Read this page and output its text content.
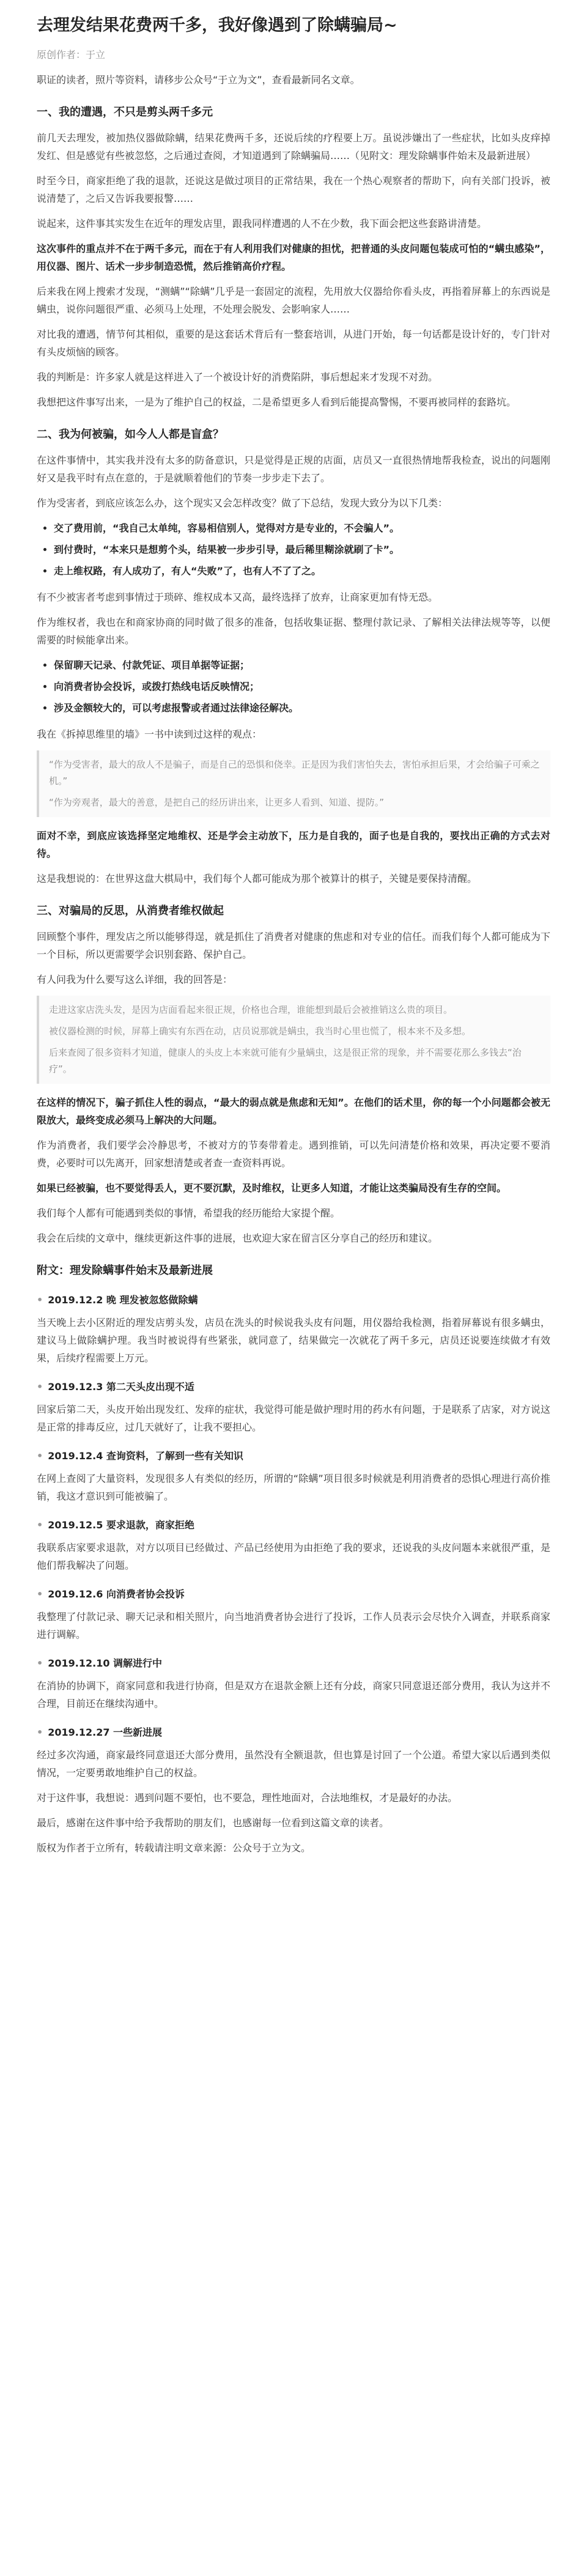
去理发结果花费两千多，我好像遇到了除螨骗局~
原创作者：于立
职证的读者，照片等资料，请移步公众号“于立为文”，查看最新同名文章。
一、我的遭遇，不只是剪头两千多元
前几天去理发，被加热仪器做除螨，结果花费两千多，还说后续的疗程要上万。虽说涉嫌出了一些症状，比如头皮痒掉发红、但是感觉有些被忽悠，之后通过查阅，才知道遇到了除螨骗局……（见附文：理发除螨事件始末及最新进展）
时至今日，商家拒绝了我的退款，还说这是做过项目的正常结果，我在一个热心观察者的帮助下，向有关部门投诉，被说清楚了，之后又告诉我要报警……
说起来，这件事其实发生在近年的理发店里，跟我同样遭遇的人不在少数，我下面会把这些套路讲清楚。
这次事件的重点并不在于两千多元，而在于有人利用我们对健康的担忧，把普通的头皮问题包装成可怕的“螨虫感染”，用仪器、图片、话术一步步制造恐慌，然后推销高价疗程。
后来我在网上搜索才发现，“测螨”“除螨”几乎是一套固定的流程，先用放大仪器给你看头皮，再指着屏幕上的东西说是螨虫，说你问题很严重、必须马上处理，不处理会脱发、会影响家人……
对比我的遭遇，情节何其相似，重要的是这套话术背后有一整套培训，从进门开始，每一句话都是设计好的，专门针对有头皮烦恼的顾客。
我的判断是：许多家人就是这样进入了一个被设计好的消费陷阱，事后想起来才发现不对劲。
我想把这件事写出来，一是为了维护自己的权益，二是希望更多人看到后能提高警惕，不要再被同样的套路坑。
二、我为何被骗，如今人人都是盲盒？
在这件事情中，其实我并没有太多的防备意识，只是觉得是正规的店面，店员又一直很热情地帮我检查，说出的问题刚好又是我平时有点在意的，于是就顺着他们的节奏一步步走下去了。
作为受害者，到底应该怎么办，这个现实又会怎样改变？做了下总结，发现大致分为以下几类：
• 交了费用前，“我自己太单纯，容易相信别人，觉得对方是专业的，不会骗人”。
• 到付费时，“本来只是想剪个头，结果被一步步引导，最后稀里糊涂就刷了卡”。
• 走上维权路，有人成功了，有人“失败”了，也有人不了了之。
有不少被害者考虑到事情过于琐碎、维权成本又高，最终选择了放弃，让商家更加有恃无恐。
作为维权者，我也在和商家协商的同时做了很多的准备，包括收集证据、整理付款记录、了解相关法律法规等等，以便需要的时候能拿出来。
• 保留聊天记录、付款凭证、项目单据等证据；
• 向消费者协会投诉，或拨打热线电话反映情况；
• 涉及金额较大的，可以考虑报警或者通过法律途径解决。
我在《拆掉思维里的墙》一书中读到过这样的观点：

“作为受害者，最大的敌人不是骗子，而是自己的恐惧和侥幸。正是因为我们害怕失去，害怕承担后果，才会给骗子可乘之机。”

“作为旁观者，最大的善意，是把自己的经历讲出来，让更多人看到、知道、提防。”

面对不幸，到底应该选择坚定地维权、还是学会主动放下，压力是自我的，面子也是自我的，要找出正确的方式去对待。
这是我想说的：在世界这盘大棋局中，我们每个人都可能成为那个被算计的棋子，关键是要保持清醒。
三、对骗局的反思，从消费者维权做起
回顾整个事件，理发店之所以能够得逞，就是抓住了消费者对健康的焦虑和对专业的信任。而我们每个人都可能成为下一个目标，所以更需要学会识别套路、保护自己。
有人问我为什么要写这么详细，我的回答是：

走进这家店洗头发，是因为店面看起来很正规，价格也合理，谁能想到最后会被推销这么贵的项目。

被仪器检测的时候，屏幕上确实有东西在动，店员说那就是螨虫，我当时心里也慌了，根本来不及多想。

后来查阅了很多资料才知道，健康人的头皮上本来就可能有少量螨虫，这是很正常的现象，并不需要花那么多钱去“治疗”。

在这样的情况下，骗子抓住人性的弱点，“最大的弱点就是焦虑和无知”。在他们的话术里，你的每一个小问题都会被无限放大，最终变成必须马上解决的大问题。
作为消费者，我们要学会冷静思考，不被对方的节奏带着走。遇到推销，可以先问清楚价格和效果，再决定要不要消费，必要时可以先离开，回家想清楚或者查一查资料再说。
如果已经被骗，也不要觉得丢人，更不要沉默，及时维权，让更多人知道，才能让这类骗局没有生存的空间。
我们每个人都有可能遇到类似的事情，希望我的经历能给大家提个醒。
我会在后续的文章中，继续更新这件事的进展，也欢迎大家在留言区分享自己的经历和建议。
附文：理发除螨事件始末及最新进展
• 2019.12.2 晚 理发被忽悠做除螨
当天晚上去小区附近的理发店剪头发，店员在洗头的时候说我头皮有问题，用仪器给我检测，指着屏幕说有很多螨虫，建议马上做除螨护理。我当时被说得有些紧张，就同意了，结果做完一次就花了两千多元，店员还说要连续做才有效果，后续疗程需要上万元。
• 2019.12.3 第二天头皮出现不适
回家后第二天，头皮开始出现发红、发痒的症状，我觉得可能是做护理时用的药水有问题，于是联系了店家，对方说这是正常的排毒反应，过几天就好了，让我不要担心。
• 2019.12.4 查询资料，了解到一些有关知识
在网上查阅了大量资料，发现很多人有类似的经历，所谓的“除螨”项目很多时候就是利用消费者的恐惧心理进行高价推销，我这才意识到可能被骗了。
• 2019.12.5 要求退款，商家拒绝
我联系店家要求退款，对方以项目已经做过、产品已经使用为由拒绝了我的要求，还说我的头皮问题本来就很严重，是他们帮我解决了问题。
• 2019.12.6 向消费者协会投诉
我整理了付款记录、聊天记录和相关照片，向当地消费者协会进行了投诉，工作人员表示会尽快介入调查，并联系商家进行调解。
• 2019.12.10 调解进行中
在消协的协调下，商家同意和我进行协商，但是双方在退款金额上还有分歧，商家只同意退还部分费用，我认为这并不合理，目前还在继续沟通中。
• 2019.12.27 一些新进展
经过多次沟通，商家最终同意退还大部分费用，虽然没有全额退款，但也算是讨回了一个公道。希望大家以后遇到类似情况，一定要勇敢地维护自己的权益。
对于这件事，我想说：遇到问题不要怕，也不要急，理性地面对，合法地维权，才是最好的办法。
最后，感谢在这件事中给予我帮助的朋友们，也感谢每一位看到这篇文章的读者。
版权为作者于立所有，转载请注明文章来源：公众号于立为文。
